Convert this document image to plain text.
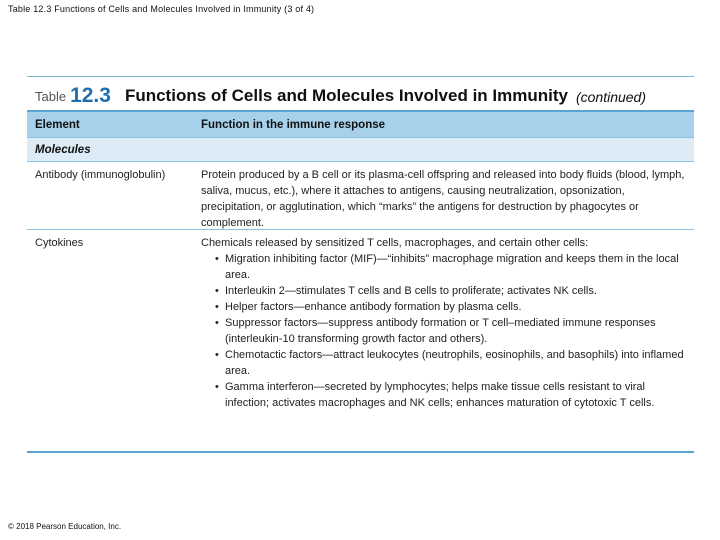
Table 12.3 Functions of Cells and Molecules Involved in Immunity (3 of 4)
Table 12.3 Functions of Cells and Molecules Involved in Immunity (continued)
Element	Function in the immune response
Molecules
Antibody (immunoglobulin)	Protein produced by a B cell or its plasma-cell offspring and released into body fluids (blood, lymph, saliva, mucus, etc.), where it attaches to antigens, causing neutralization, opsonization, precipitation, or agglutination, which “marks” the antigens for destruction by phagocytes or complement.
Cytokines	Chemicals released by sensitized T cells, macrophages, and certain other cells:
• Migration inhibiting factor (MIF)—“inhibits” macrophage migration and keeps them in the local area.
• Interleukin 2—stimulates T cells and B cells to proliferate; activates NK cells.
• Helper factors—enhance antibody formation by plasma cells.
• Suppressor factors—suppress antibody formation or T cell–mediated immune responses (interleukin-10 transforming growth factor and others).
• Chemotactic factors—attract leukocytes (neutrophils, eosinophils, and basophils) into inflamed area.
• Gamma interferon—secreted by lymphocytes; helps make tissue cells resistant to viral infection; activates macrophages and NK cells; enhances maturation of cytotoxic T cells.
© 2018 Pearson Education, Inc.
